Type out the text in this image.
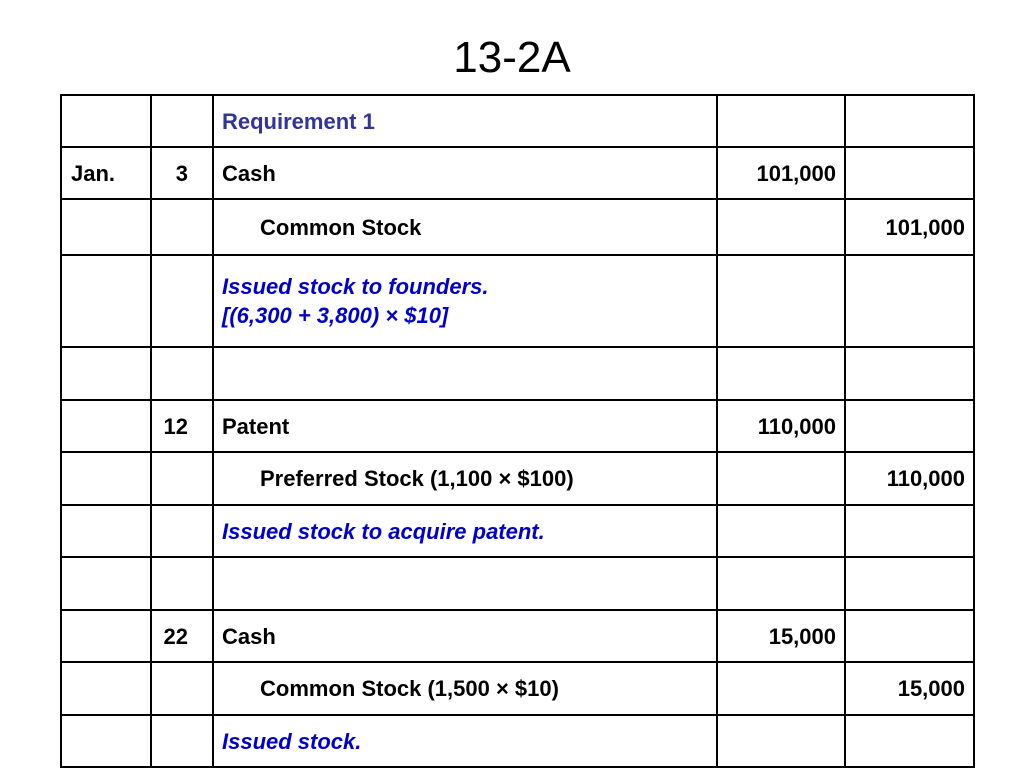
13-2A
		Requirement 1		
Jan.	3	Cash	101,000	
		Common Stock		101,000

		Issued stock to founders.
[(6,300 + 3,800) × $10]		

	12	Patent	110,000	
		Preferred Stock (1,100 × $100)		110,000
		Issued stock to acquire patent.		

	22	Cash	15,000	
		Common Stock (1,500 × $10)		15,000
		Issued stock.		
